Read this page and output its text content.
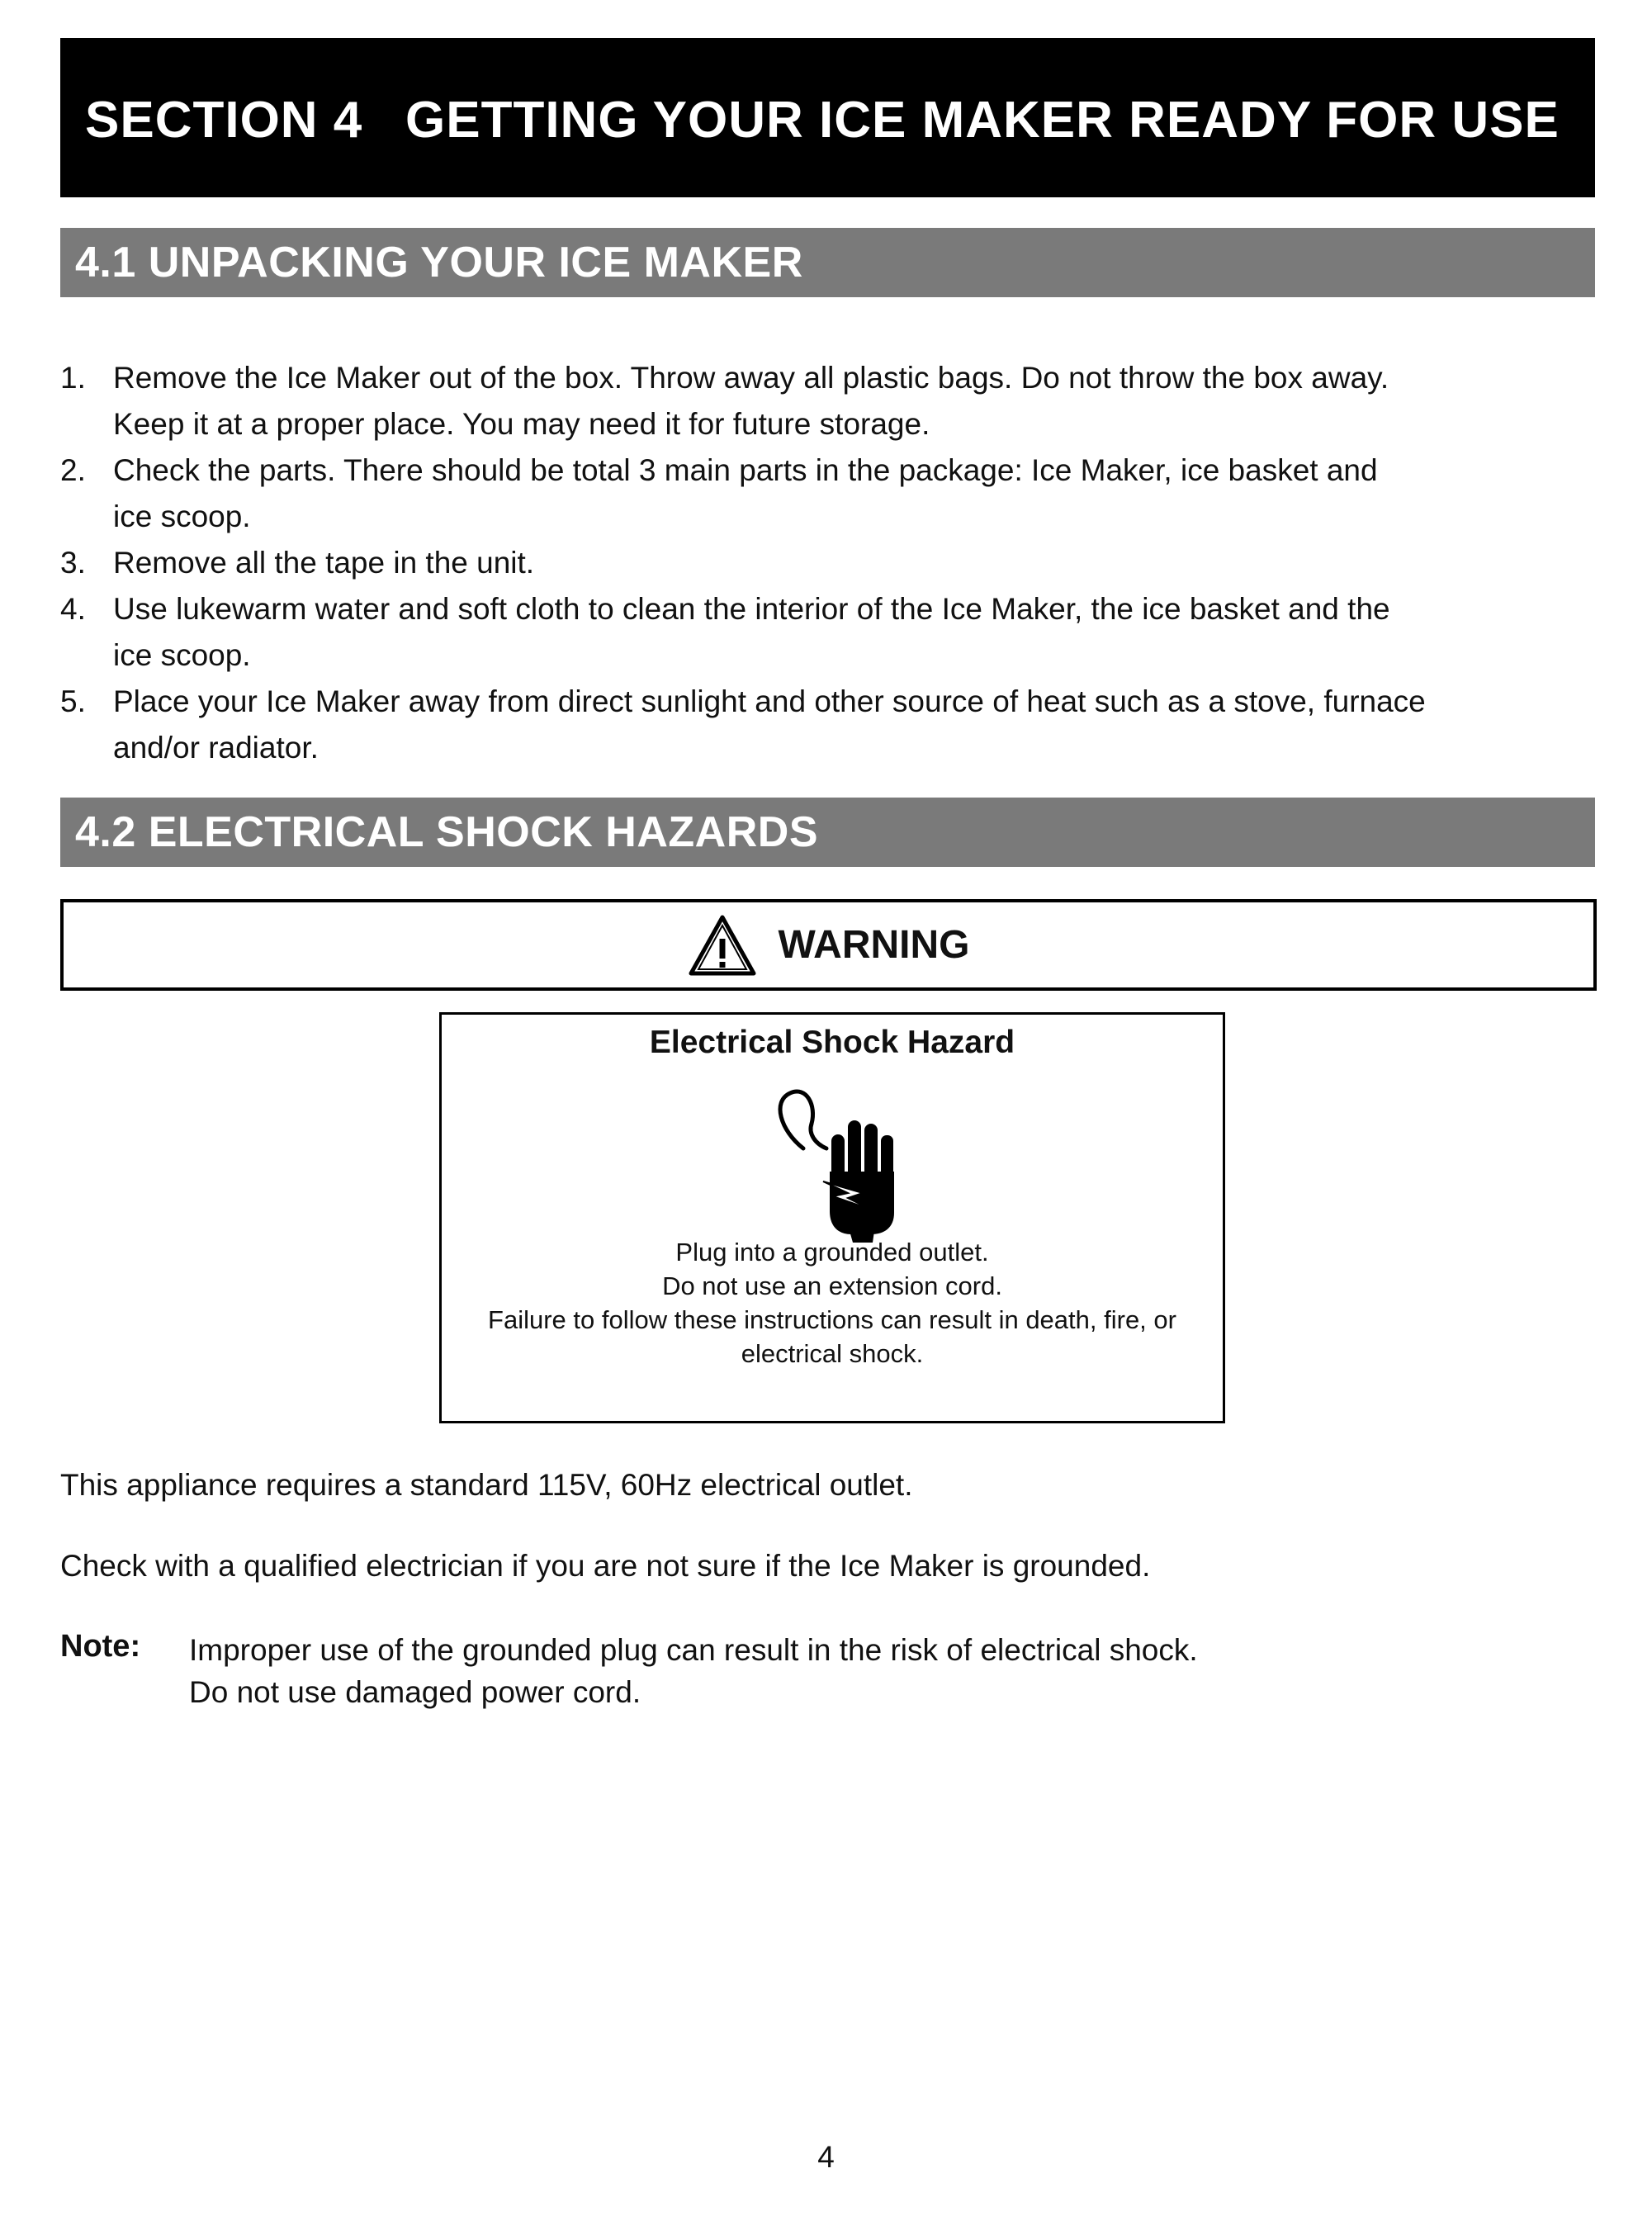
SECTION 4 GETTING YOUR ICE MAKER READY FOR USE
4.1 UNPACKING YOUR ICE MAKER
1. Remove the Ice Maker out of the box. Throw away all plastic bags. Do not throw the box away.
Keep it at a proper place. You may need it for future storage.
2. Check the parts. There should be total 3 main parts in the package: Ice Maker, ice basket and
ice scoop.
3. Remove all the tape in the unit.
4. Use lukewarm water and soft cloth to clean the interior of the Ice Maker, the ice basket and the
ice scoop.
5. Place your Ice Maker away from direct sunlight and other source of heat such as a stove, furnace
and/or radiator.
4.2 ELECTRICAL SHOCK HAZARDS
WARNING
Electrical Shock Hazard
Plug into a grounded outlet.
Do not use an extension cord.
Failure to follow these instructions can result in death, fire, or
electrical shock.
This appliance requires a standard 115V, 60Hz electrical outlet.
Check with a qualified electrician if you are not sure if the Ice Maker is grounded.
Note: Improper use of the grounded plug can result in the risk of electrical shock.
Do not use damaged power cord.
4
